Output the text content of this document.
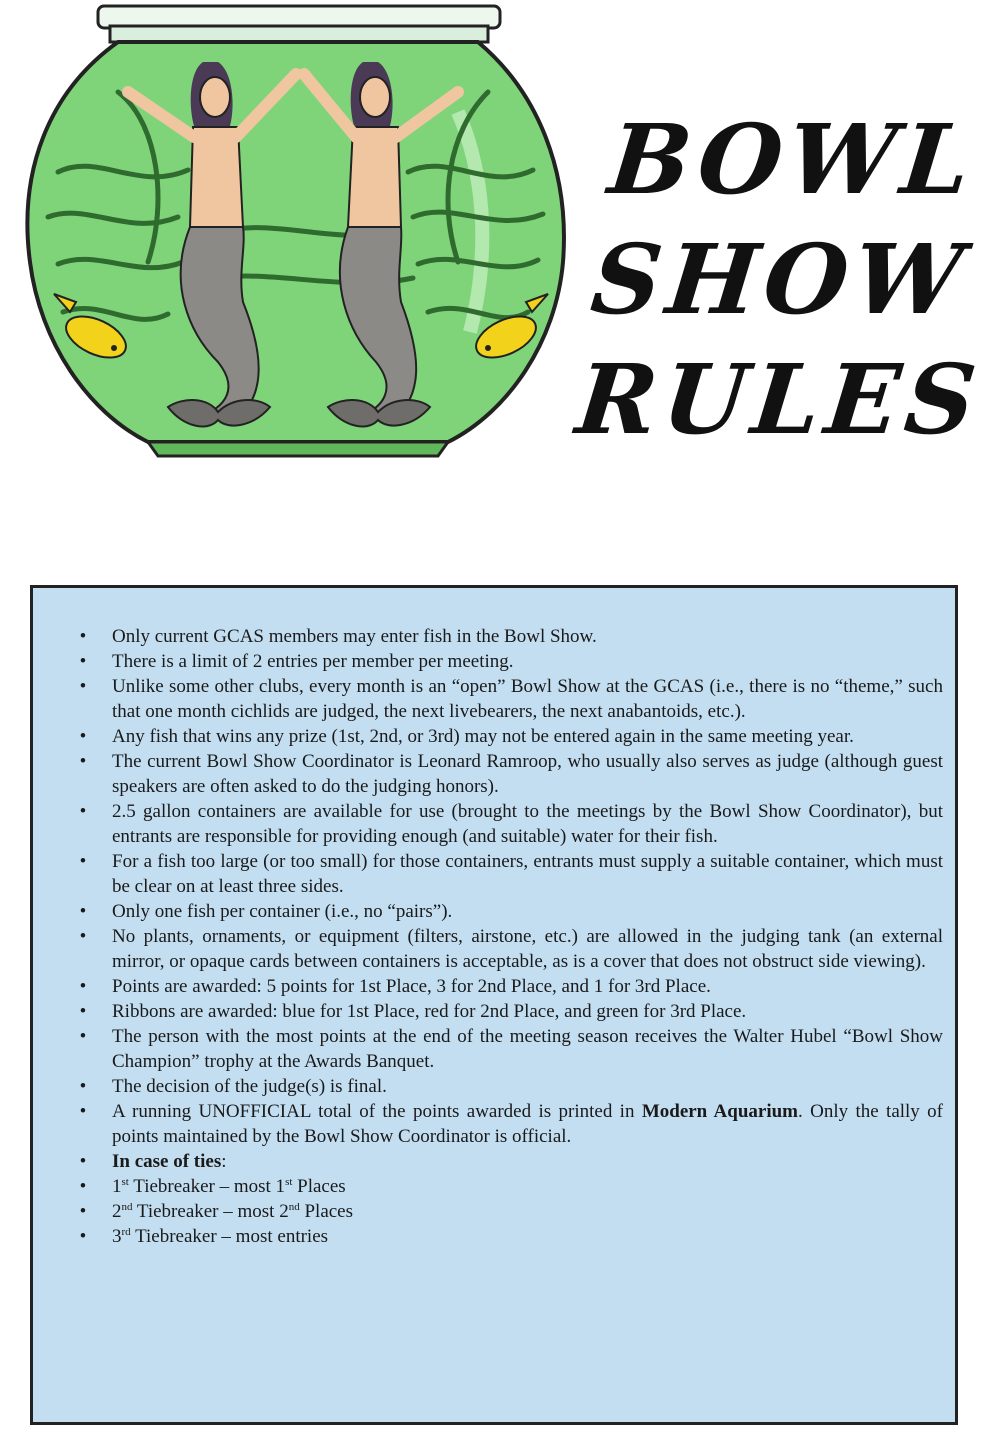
BOWL
SHOW
RULES
•	Only current GCAS members may enter fish in the Bowl Show.
•	There is a limit of 2 entries per member per meeting.
•	Unlike some other clubs, every month is an “open” Bowl Show at the GCAS (i.e., there is no “theme,” such that one month cichlids are judged, the next livebearers, the next anabantoids, etc.).
•	Any fish that wins any prize (1st, 2nd, or 3rd) may not be entered again in the same meeting year.
•	The current Bowl Show Coordinator is Leonard Ramroop, who usually also serves as judge (although guest speakers are often asked to do the judging honors).
•	2.5 gallon containers are available for use (brought to the meetings by the Bowl Show Coordinator), but entrants are responsible for providing enough (and suitable) water for their fish.
•	For a fish too large (or too small) for those containers, entrants must supply a suitable container, which must be clear on at least three sides.
•	Only one fish per container (i.e., no “pairs”).
•	No plants, ornaments, or equipment (filters, airstone, etc.) are allowed in the judging tank (an external mirror, or opaque cards between containers is acceptable, as is a cover that does not obstruct side viewing).
•	Points are awarded: 5 points for 1st Place, 3 for 2nd Place, and 1 for 3rd Place.
•	Ribbons are awarded: blue for 1st Place, red for 2nd Place, and green for 3rd Place.
•	The person with the most points at the end of the meeting season receives the Walter Hubel “Bowl Show Champion” trophy at the Awards Banquet.
•	The decision of the judge(s) is final.
•	A running UNOFFICIAL total of the points awarded is printed in Modern Aquarium. Only the tally of points maintained by the Bowl Show Coordinator is official.
•	In case of ties:
•	1st Tiebreaker – most 1st Places
•	2nd Tiebreaker – most 2nd Places
•	3rd Tiebreaker – most entries
